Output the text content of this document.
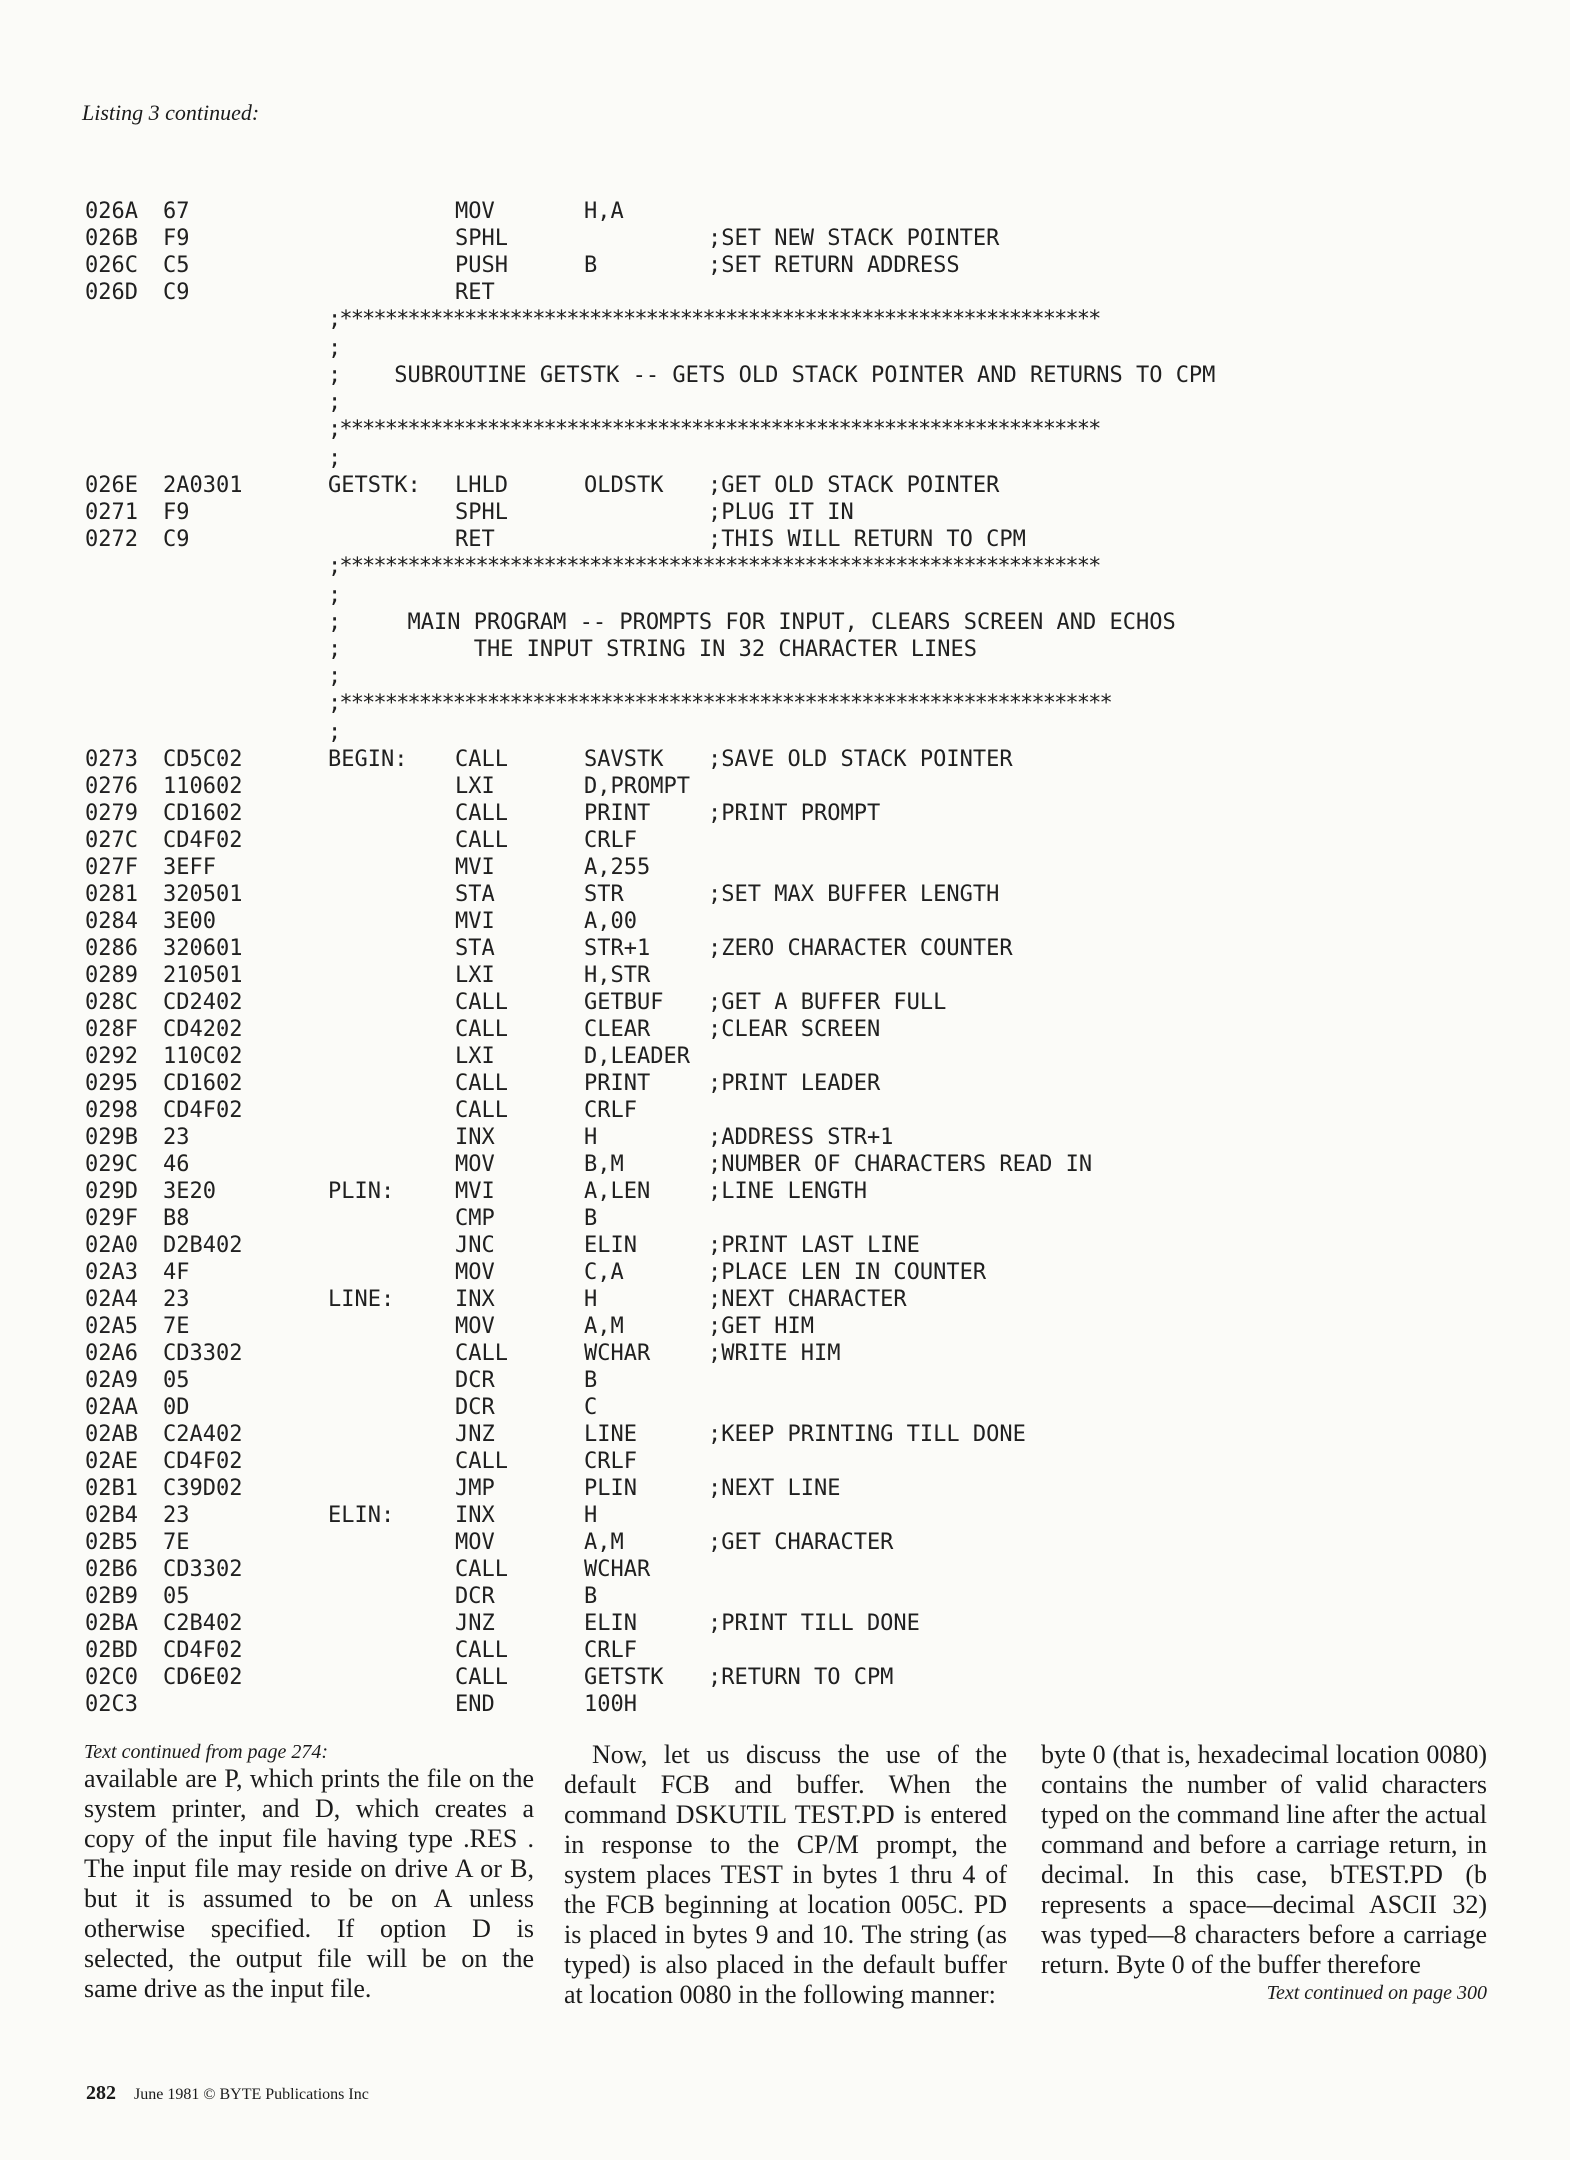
Listing 3 continued:
026A 67	MOV	H,A
026B F9	SPHL	;SET NEW STACK POINTER
026C C5	PUSH	B	;SET RETURN ADDRESS
026D C9	RET
;*******************************************************************
;
;    SUBROUTINE GETSTK -- GETS OLD STACK POINTER AND RETURNS TO CPM
;
;*******************************************************************
;
026E 2A0301	GETSTK: LHLD	OLDSTK ;GET OLD STACK POINTER
0271 F9	SPHL	;PLUG IT IN
0272 C9	RET	;THIS WILL RETURN TO CPM
;*******************************************************************
;
;     MAIN PROGRAM -- PROMPTS FOR INPUT, CLEARS SCREEN AND ECHOS
;          THE INPUT STRING IN 32 CHARACTER LINES
;
;********************************************************************
;
0273 CD5C02	BEGIN: CALL	SAVSTK ;SAVE OLD STACK POINTER
0276 110602	LXI	D,PROMPT
0279 CD1602	CALL	PRINT	;PRINT PROMPT
027C CD4F02	CALL	CRLF
027F 3EFF	MVI	A,255
0281 320501	STA	STR	;SET MAX BUFFER LENGTH
0284 3E00	MVI	A,00
0286 320601	STA	STR+1	;ZERO CHARACTER COUNTER
0289 210501	LXI	H,STR
028C CD2402	CALL	GETBUF ;GET A BUFFER FULL
028F CD4202	CALL	CLEAR	;CLEAR SCREEN
0292 110C02	LXI	D,LEADER
0295 CD1602	CALL	PRINT	;PRINT LEADER
0298 CD4F02	CALL	CRLF
029B 23	INX	H	;ADDRESS STR+1
029C 46	MOV	B,M	;NUMBER OF CHARACTERS READ IN
029D 3E20	PLIN:	MVI	A,LEN	;LINE LENGTH
029F B8	CMP	B
02A0 D2B402	JNC	ELIN	;PRINT LAST LINE
02A3 4F	MOV	C,A	;PLACE LEN IN COUNTER
02A4 23	LINE:	INX	H	;NEXT CHARACTER
02A5 7E	MOV	A,M	;GET HIM
02A6 CD3302	CALL	WCHAR	;WRITE HIM
02A9 05	DCR	B
02AA 0D	DCR	C
02AB C2A402	JNZ	LINE	;KEEP PRINTING TILL DONE
02AE CD4F02	CALL	CRLF
02B1 C39D02	JMP	PLIN	;NEXT LINE
02B4 23	ELIN:	INX	H
02B5 7E	MOV	A,M	;GET CHARACTER
02B6 CD3302	CALL	WCHAR
02B9 05	DCR	B
02BA C2B402	JNZ	ELIN	;PRINT TILL DONE
02BD CD4F02	CALL	CRLF
02C0 CD6E02	CALL	GETSTK ;RETURN TO CPM
02C3	END	100H
Text continued from page 274:
available are P, which prints the file on the system printer, and D, which creates a copy of the input file having type .RES . The input file may reside on drive A or B, but it is assumed to be on A unless otherwise specified. If option D is selected, the output file will be on the same drive as the input file.
Now, let us discuss the use of the default FCB and buffer. When the command DSKUTIL TEST.PD is entered in response to the CP/M prompt, the system places TEST in bytes 1 thru 4 of the FCB beginning at location 005C. PD is placed in bytes 9 and 10. The string (as typed) is also placed in the default buffer at location 0080 in the following manner:
byte 0 (that is, hexadecimal location 0080) contains the number of valid characters typed on the command line after the actual command and before a carriage return, in decimal. In this case, bTEST.PD (b represents a space—decimal ASCII 32) was typed—8 characters before a carriage return. Byte 0 of the buffer therefore
Text continued on page 300
282 June 1981 © BYTE Publications Inc
